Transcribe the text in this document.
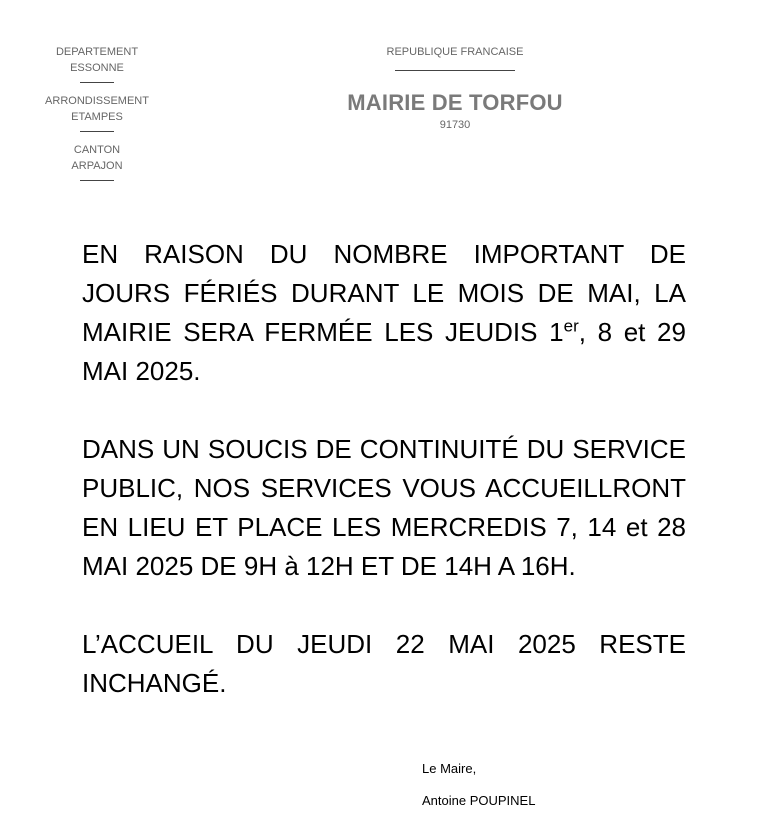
DEPARTEMENT
ESSONNE
ARRONDISSEMENT
ETAMPES
CANTON
ARPAJON
REPUBLIQUE FRANCAISE
MAIRIE DE TORFOU
91730

EN RAISON DU NOMBRE IMPORTANT DE JOURS FÉRIÉS DURANT LE MOIS DE MAI, LA MAIRIE SERA FERMÉE LES JEUDIS 1er, 8 et 29 MAI 2025.

DANS UN SOUCIS DE CONTINUITÉ DU SERVICE PUBLIC, NOS SERVICES VOUS ACCUEILLRONT EN LIEU ET PLACE LES MERCREDIS 7, 14 et 28 MAI 2025 DE 9H à 12H ET DE 14H A 16H.

L’ACCUEIL DU JEUDI 22 MAI 2025 RESTE INCHANGÉ.

Le Maire,
Antoine POUPINEL
